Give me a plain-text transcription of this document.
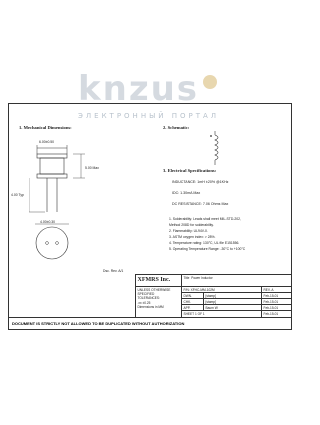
1. Mechanical Dimensions:	2. Schematic:
3. Electrical Specifications:
6.00±0.50
5.00 Max
4.00 Typ
4.00±0.30
Dsc. Rev. A/1
INDUCTANCE: 1mH ±20% @1KHz
IDC: 1.30mA Max
DC RESISTANCE: 7.06 Ohms Max
1. Solderability: Leads shall meet MIL-STD-202,
Method 208D for solderability.
2. Flammability: UL94V-0.
3. ASTM oxygen index: > 28%.
4. Temperature rating: 130°C, UL file E151556.
5. Operating Temperature Range: -30°C to +100°C
XFMRS Inc.	Title Power Inductor
UNLESS OTHERWISE SPECIFIED
TOLERANCES:
.xx ±0.25
Dimensions in MM
P/N: XFHC-MM-102M	REV. A
DWN.	[stamp]	Feb-15-01
CHK.	[stamp]	Feb-15-01
APP.	Baum W	Feb-15-01
SHEET 1 OF 1	Feb-15-01
DOCUMENT IS STRICTLY NOT ALLOWED TO BE DUPLICATED WITHOUT AUTHORIZATION
knzus
ЭЛЕКТРОННЫЙ ПОРТАЛ
